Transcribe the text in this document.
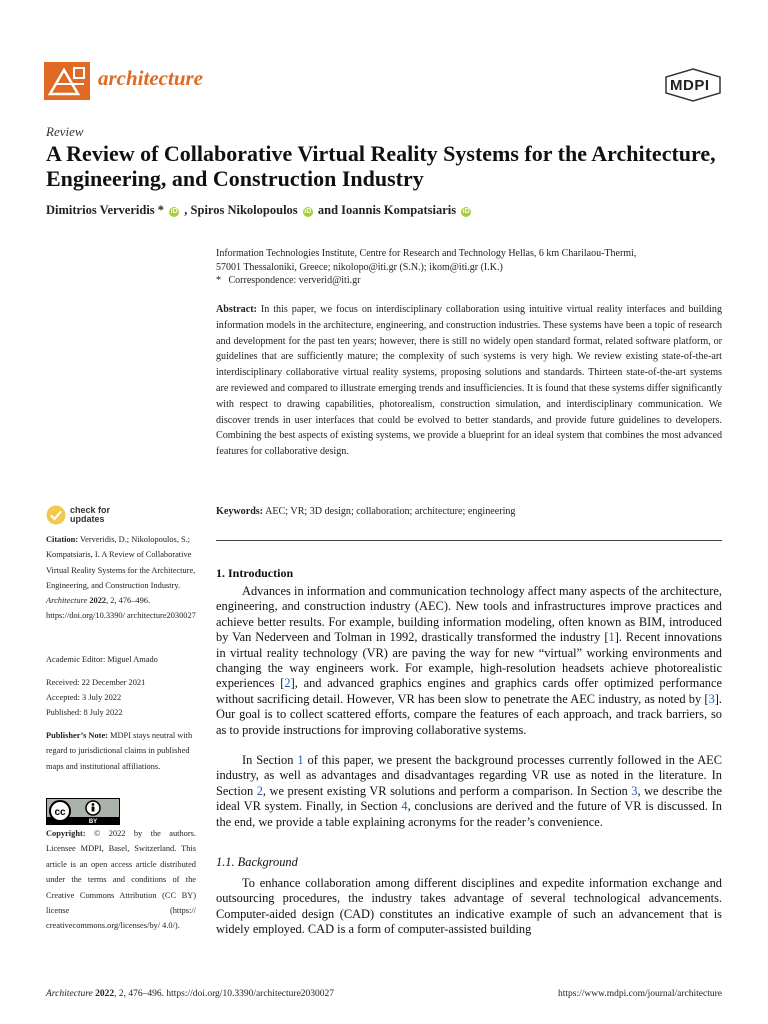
architecture	MDPI
Review
A Review of Collaborative Virtual Reality Systems for the Architecture, Engineering, and Construction Industry
Dimitrios Ververidis * iD , Spiros Nikolopoulos iD and Ioannis Kompatsiaris iD
Information Technologies Institute, Centre for Research and Technology Hellas, 6 km Charilaou-Thermi,
57001 Thessaloniki, Greece; nikolopo@iti.gr (S.N.); ikom@iti.gr (I.K.)
*   Correspondence: ververid@iti.gr
Abstract: In this paper, we focus on interdisciplinary collaboration using intuitive virtual reality interfaces and building information models in the architecture, engineering, and construction industries. These systems have been a topic of research and development for the past ten years; however, there is still no widely open standard format, related software platform, or guidelines that are sufficiently mature; the complexity of such systems is very high. We review existing state-of-the-art interdisciplinary collaborative virtual reality systems, proposing solutions and standards. Thirteen state-of-the-art systems are reviewed and compared to illustrate emerging trends and insufficiencies. It is found that these systems differ significantly with respect to drawing capabilities, photorealism, construction simulation, and interdisciplinary communication. We discover trends in user interfaces that could be evolved to better standards, and provide future guidelines to developers. Combining the best aspects of existing systems, we provide a blueprint for an ideal system that combines the most advanced features for collaborative design.
Keywords: AEC; VR; 3D design; collaboration; architecture; engineering
1. Introduction
Advances in information and communication technology affect many aspects of the architecture, engineering, and construction industry (AEC). New tools and infrastructures improve practices and achieve better results. For example, building information modeling, often known as BIM, introduced by Van Nederveen and Tolman in 1992, drastically transformed the industry [1]. Recent innovations in virtual reality technology (VR) are paving the way for new “virtual” working environments and changing the way engineers work. For example, high-resolution headsets achieve photorealistic experiences [2], and advanced graphics engines and graphics cards offer optimized performance without sacrificing detail. However, VR has been slow to penetrate the AEC industry, as noted by [3]. Our goal is to collect scattered efforts, compare the features of each approach, and track barriers, so as to provide instructions for improving collaborative systems.
In Section 1 of this paper, we present the background processes currently followed in the AEC industry, as well as advantages and disadvantages regarding VR use as noted in the literature. In Section 2, we present existing VR solutions and perform a comparison. In Section 3, we describe the ideal VR system. Finally, in Section 4, conclusions are derived and the future of VR is discussed. In the end, we provide a table explaining acronyms for the reader’s convenience.
1.1. Background
To enhance collaboration among different disciplines and expedite information exchange and outsourcing procedures, the industry takes advantage of several technological advancements. Computer-aided design (CAD) constitutes an indicative example of such an advancement that is widely employed. CAD is a form of computer-assisted building
check for
updates
Citation: Ververidis, D.; Nikolopoulos, S.; Kompatsiaris, I. A Review of Collaborative Virtual Reality Systems for the Architecture, Engineering, and Construction Industry. Architecture 2022, 2, 476–496. https://doi.org/10.3390/ architecture2030027
Academic Editor: Miguel Amado
Received: 22 December 2021
Accepted: 3 July 2022
Published: 8 July 2022
Publisher’s Note: MDPI stays neutral with regard to jurisdictional claims in published maps and institutional affiliations.
cc
BY
Copyright: © 2022 by the authors. Licensee MDPI, Basel, Switzerland. This article is an open access article distributed under the terms and conditions of the Creative Commons Attribution (CC BY) license (https:// creativecommons.org/licenses/by/ 4.0/).
Architecture 2022, 2, 476–496. https://doi.org/10.3390/architecture2030027	https://www.mdpi.com/journal/architecture
